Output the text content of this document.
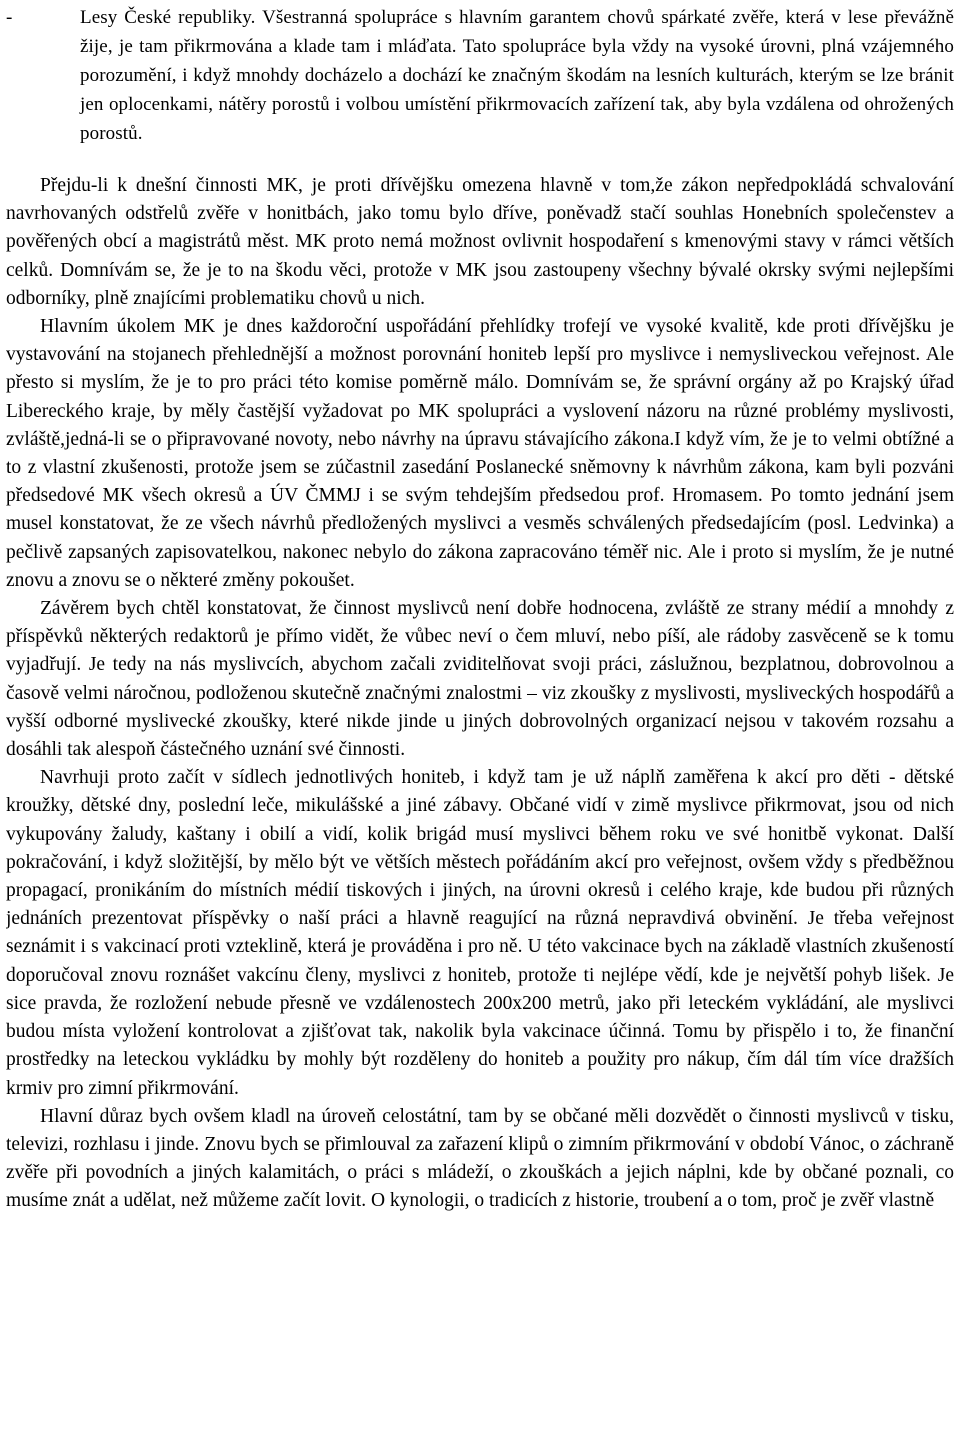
-	Lesy České republiky. Všestranná spolupráce s hlavním garantem chovů spárkaté zvěře, která v lese převážně žije, je tam přikrmována a klade tam i mláďata. Tato spolupráce byla vždy na vysoké úrovni, plná vzájemného porozumění, i když mnohdy docházelo a dochází ke značným škodám na lesních kulturách, kterým se lze bránit jen oplocenkami, nátěry porostů i volbou umístění přikrmovacích zařízení tak, aby byla vzdálena od ohrožených porostů.

Přejdu-li k dnešní činnosti MK, je proti dřívějšku omezena hlavně v tom,že zákon nepředpokládá schvalování navrhovaných odstřelů zvěře v honitbách, jako tomu bylo dříve, poněvadž stačí souhlas Honebních společenstev a pověřených obcí a magistrátů měst. MK proto nemá možnost ovlivnit hospodaření s kmenovými stavy v rámci větších celků. Domnívám se, že je to na škodu věci, protože v MK jsou zastoupeny všechny bývalé okrsky svými nejlepšími odborníky, plně znajícími problematiku chovů u nich.

Hlavním úkolem MK je dnes každoroční uspořádání přehlídky trofejí ve vysoké kvalitě, kde proti dřívějšku je vystavování na stojanech přehlednější a možnost porovnání honiteb lepší pro myslivce i nemysliveckou veřejnost. Ale přesto si myslím, že je to pro práci této komise poměrně málo. Domnívám se, že správní orgány až po Krajský úřad Libereckého kraje, by měly častější vyžadovat po MK spolupráci a vyslovení názoru na různé problémy myslivosti, zvláště,jedná-li se o připravované novoty, nebo návrhy na úpravu stávajícího zákona.I když vím, že je to velmi obtížné a to z vlastní zkušenosti, protože jsem se zúčastnil zasedání Poslanecké sněmovny k návrhům zákona, kam byli pozváni předsedové MK všech okresů a ÚV ČMMJ i se svým tehdejším předsedou prof. Hromasem. Po tomto jednání jsem musel konstatovat, že ze všech návrhů předložených myslivci a vesměs schválených předsedajícím (posl. Ledvinka) a pečlivě zapsaných zapisovatelkou, nakonec nebylo do zákona zapracováno téměř nic. Ale i proto si myslím, že je nutné znovu a znovu se o některé změny pokoušet.

Závěrem bych chtěl konstatovat, že činnost myslivců není dobře hodnocena, zvláště ze strany médií a mnohdy z příspěvků některých redaktorů je přímo vidět, že vůbec neví o čem mluví, nebo píší, ale rádoby zasvěceně se k tomu vyjadřují. Je tedy na nás myslivcích, abychom začali zviditelňovat svoji práci, záslužnou, bezplatnou, dobrovolnou a časově velmi náročnou, podloženou skutečně značnými znalostmi – viz zkoušky z myslivosti, mysliveckých hospodářů a vyšší odborné myslivecké zkoušky, které nikde jinde u jiných dobrovolných organizací nejsou v takovém rozsahu a dosáhli tak alespoň částečného uznání své činnosti.

Navrhuji proto začít v sídlech jednotlivých honiteb, i když tam je už náplň zaměřena k akcí pro děti - dětské kroužky, dětské dny, poslední leče, mikulášské a jiné zábavy. Občané vidí v zimě myslivce přikrmovat, jsou od nich vykupovány žaludy, kaštany i obilí a vidí, kolik brigád musí myslivci během roku ve své honitbě vykonat. Další pokračování, i když složitější, by mělo být ve větších městech pořádáním akcí pro veřejnost, ovšem vždy s předběžnou propagací, pronikáním do místních médií tiskových i jiných, na úrovni okresů i celého kraje, kde budou při různých jednáních prezentovat příspěvky o naší práci a hlavně reagující na různá nepravdivá obvinění. Je třeba veřejnost seznámit i s vakcinací proti vzteklině, která je prováděna i pro ně. U této vakcinace bych na základě vlastních zkušeností doporučoval znovu roznášet vakcínu členy, myslivci z honiteb, protože ti nejlépe vědí, kde je největší pohyb lišek. Je sice pravda, že rozložení nebude přesně ve vzdálenostech 200x200 metrů, jako při leteckém vykládání, ale myslivci budou místa vyložení kontrolovat a zjišťovat tak, nakolik byla vakcinace účinná. Tomu by přispělo i to, že finanční prostředky na leteckou vykládku by mohly být rozděleny do honiteb a použity pro nákup, čím dál tím více dražších krmiv pro zimní přikrmování.

Hlavní důraz bych ovšem kladl na úroveň celostátní, tam by se občané měli dozvědět o činnosti myslivců v tisku, televizi, rozhlasu i jinde. Znovu bych se přimlouval za zařazení klipů o zimním přikrmování v období Vánoc, o záchraně zvěře při povodních a jiných kalamitách, o práci s mládeží, o zkouškách a jejich náplni, kde by občané poznali, co musíme znát a udělat, než můžeme začít lovit. O kynologii, o tradicích z historie, troubení a o tom, proč je zvěř vlastně
